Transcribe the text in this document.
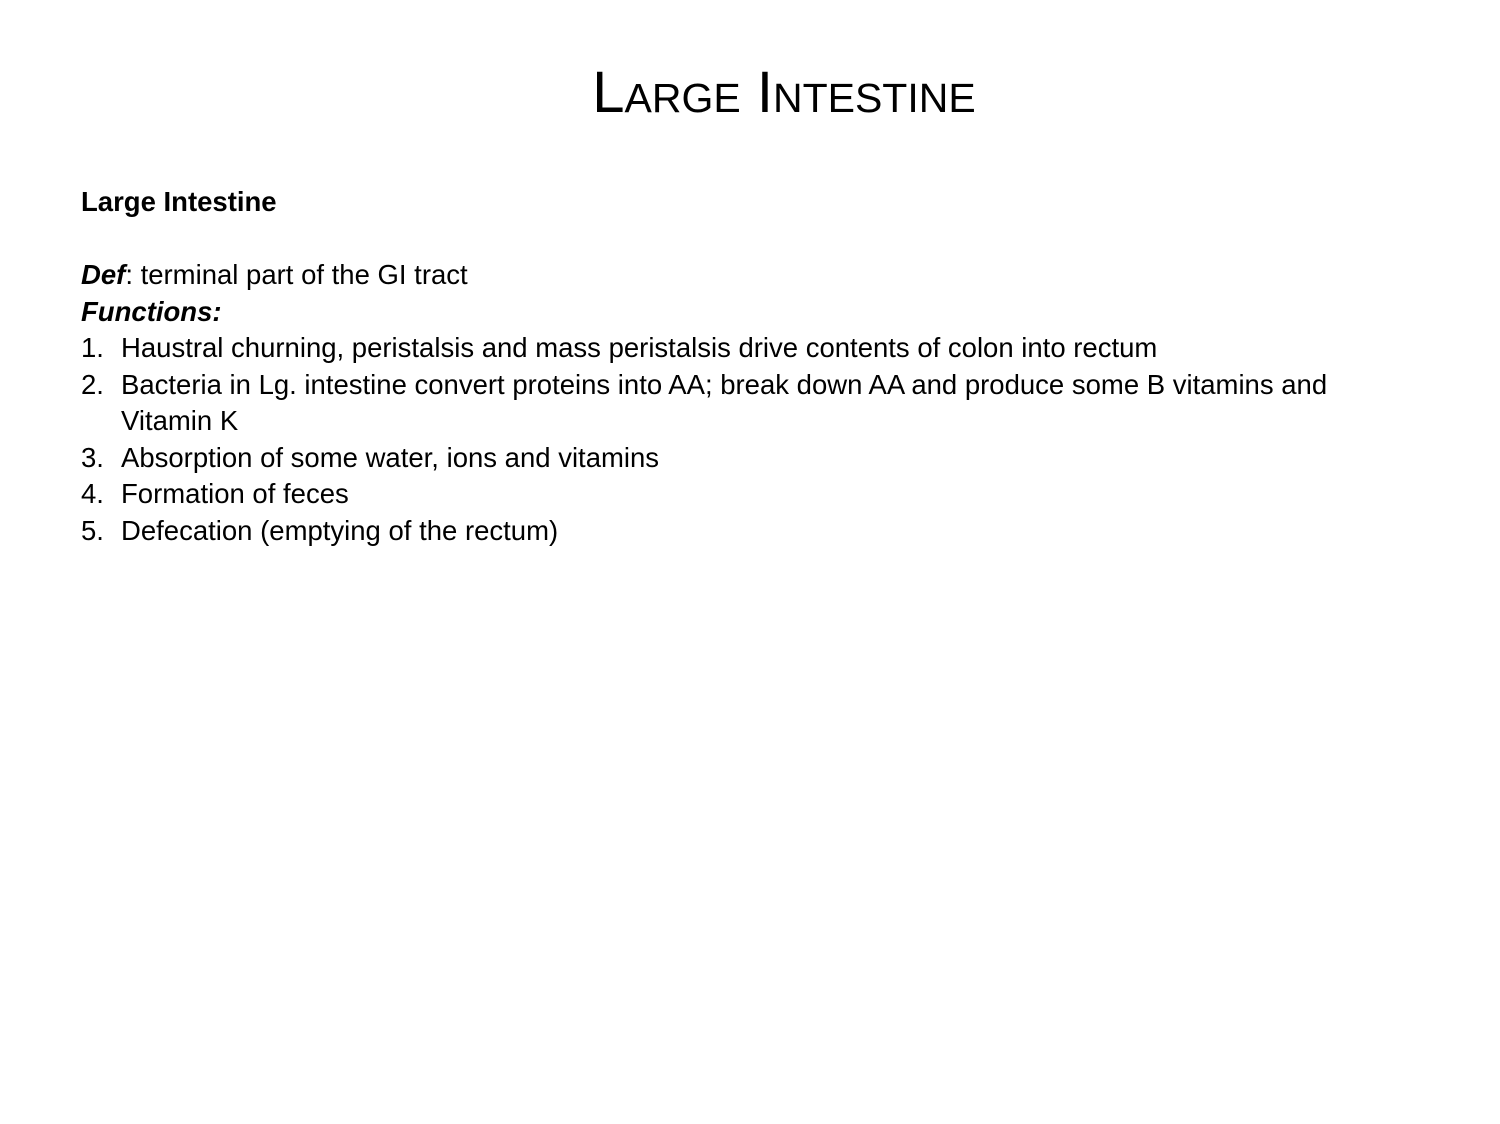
Large Intestine

Large Intestine

Def: terminal part of the GI tract

Functions:

1. Haustral churning, peristalsis and mass peristalsis drive contents of colon into rectum
2. Bacteria in Lg. intestine convert proteins into AA; break down AA and produce some B vitamins and Vitamin K
3. Absorption of some water, ions and vitamins
4. Formation of feces
5. Defecation (emptying of the rectum)
